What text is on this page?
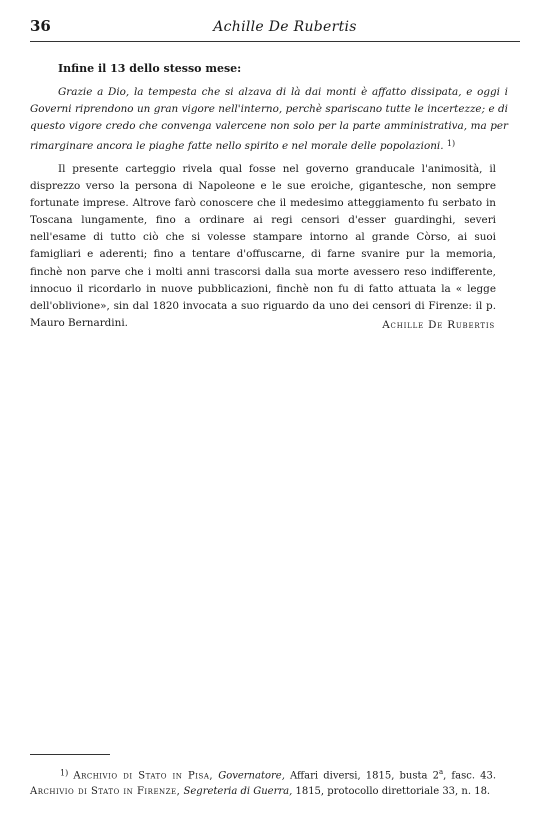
36	Achille De Rubertis
Infine il 13 dello stesso mese:

Grazie a Dio, la tempesta che si alzava di là dai monti è affatto dissipata, e oggi i Governi riprendono un gran vigore nell'interno, perchè spariscano tutte le incertezze; e di questo vigore credo che convenga valercene non solo per la parte amministrativa, ma per rimarginare ancora le piaghe fatte nello spirito e nel morale delle popolazioni. $^{1)}$

Il presente carteggio rivela qual fosse nel governo granducale l'animosità, il disprezzo verso la persona di Napoleone e le sue eroiche, gigantesche, non sempre fortunate imprese. Altrove farò conoscere che il medesimo atteggiamento fu serbato in Toscana lungamente, fino a ordinare ai regi censori d'esser guardinghi, severi nell'esame di tutto ciò che si volesse stampare intorno al grande Còrso, ai suoi famigliari e aderenti; fino a tentare d'offuscarne, di farne svanire pur la memoria, finchè non parve che i molti anni trascorsi dalla sua morte avessero reso indifferente, innocuo il ricordarlo in nuove pubblicazioni, finchè non fu di fatto attuata la « legge dell'oblivione», sin dal 1820 invocata a suo riguardo da uno dei censori di Firenze: il p. Mauro Bernardini.	Achille De Rubertis

$^{1)}$ Archivio di Stato in Pisa, Governatore, Affari diversi, 1815, busta 2$^a$, fasc. 43. Archivio di Stato in Firenze, Segreteria di Guerra, 1815, protocollo direttoriale 33, n. 18.
